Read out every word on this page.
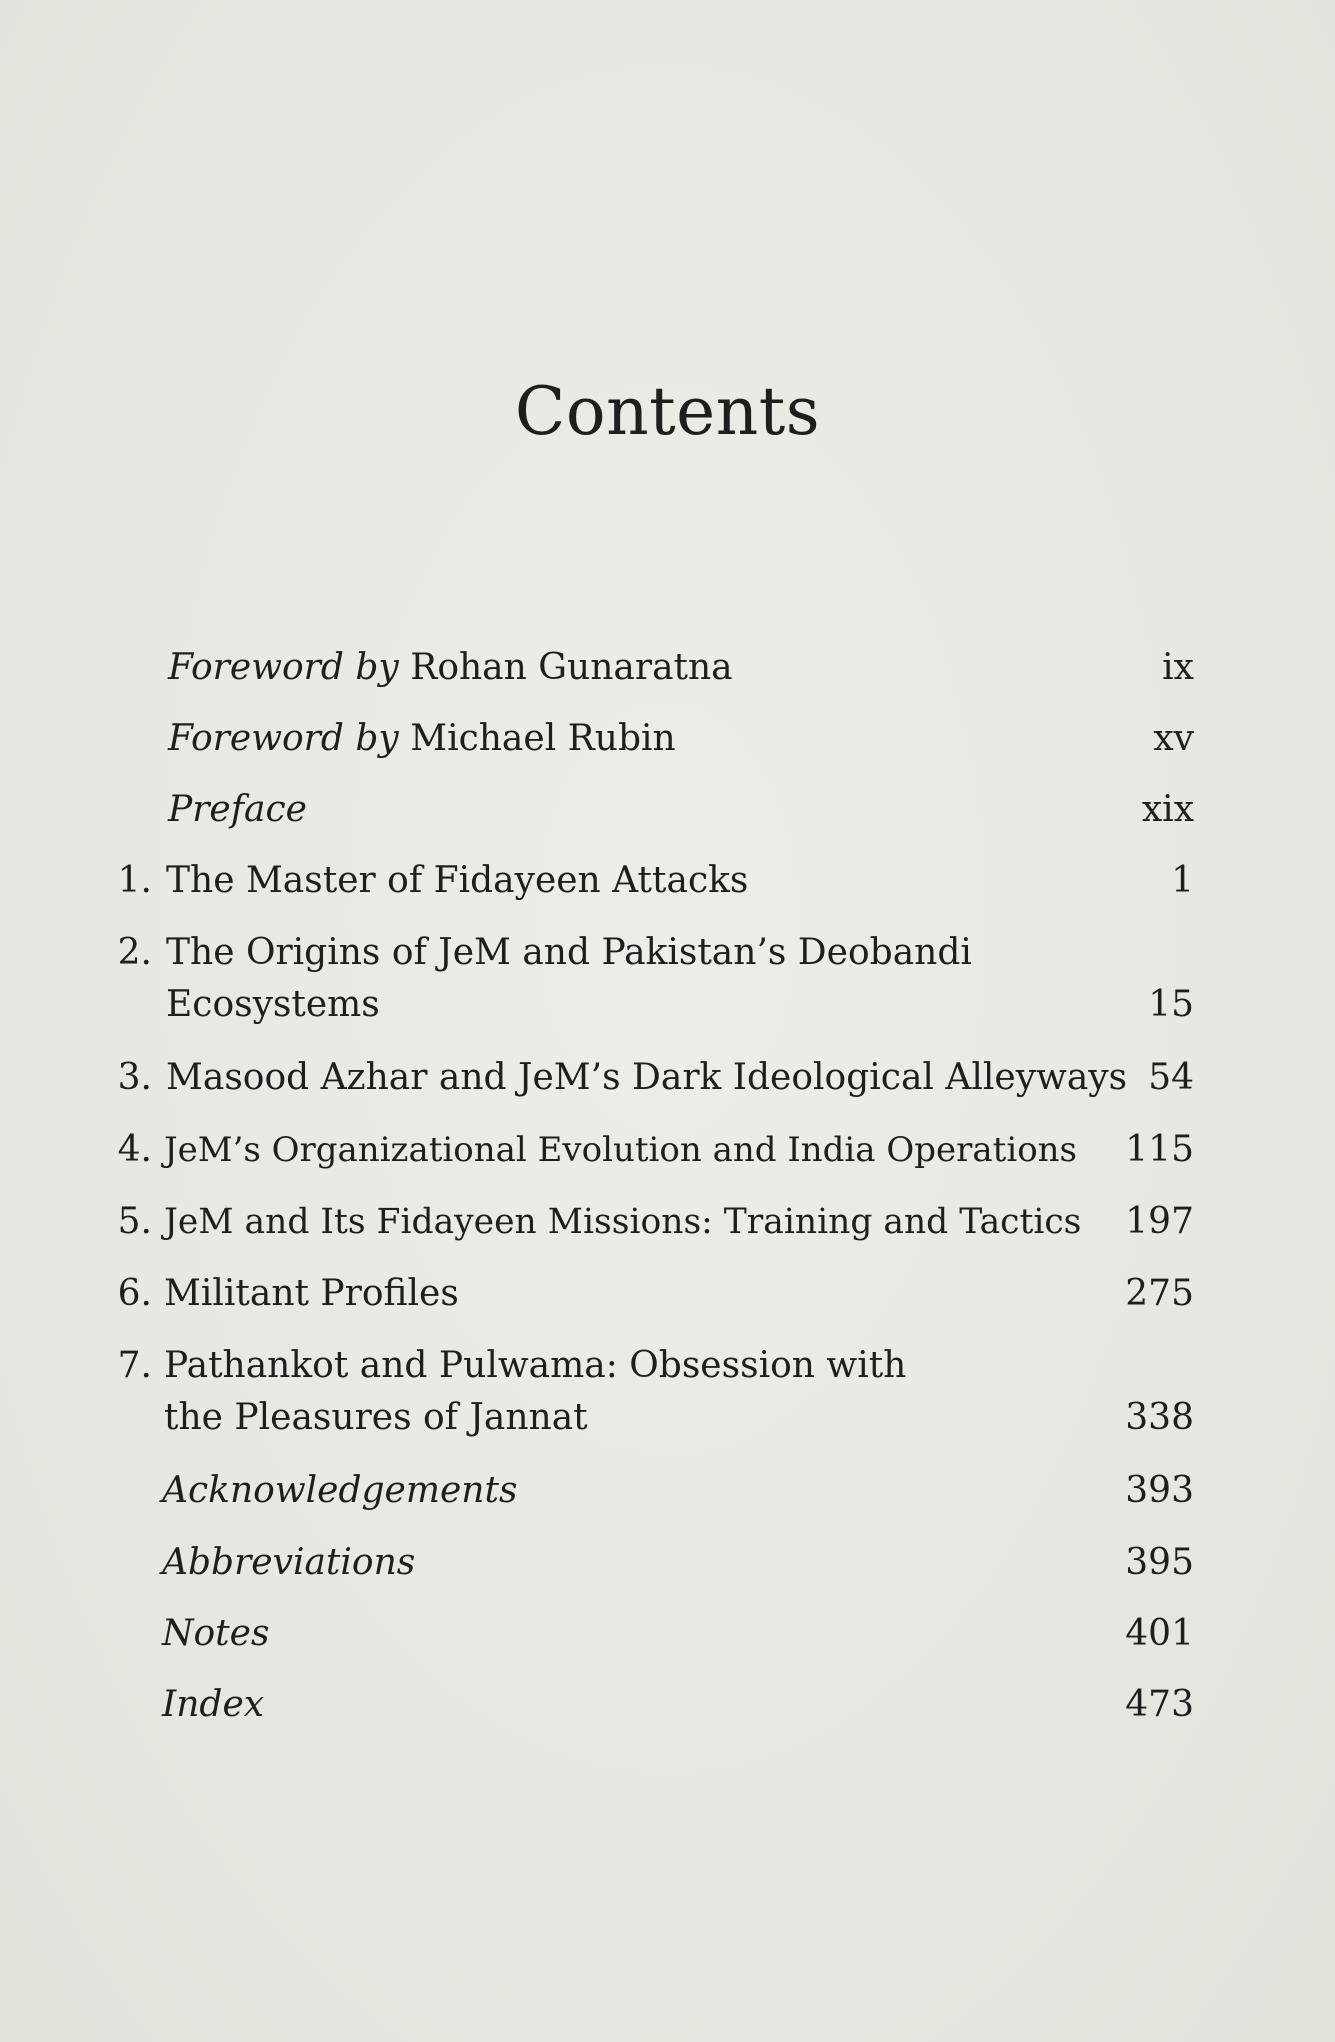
Contents
Foreword by Rohan Gunaratna	ix
Foreword by Michael Rubin	xv
Preface	xix
1. The Master of Fidayeen Attacks	1
2. The Origins of JeM and Pakistan’s Deobandi
Ecosystems	15
3. Masood Azhar and JeM’s Dark Ideological Alleyways 54
4. JeM’s Organizational Evolution and India Operations	115
5. JeM and Its Fidayeen Missions: Training and Tactics	197
6. Militant Profiles	275
7. Pathankot and Pulwama: Obsession with
the Pleasures of Jannat	338
Acknowledgements	393
Abbreviations	395
Notes	401
Index	473
